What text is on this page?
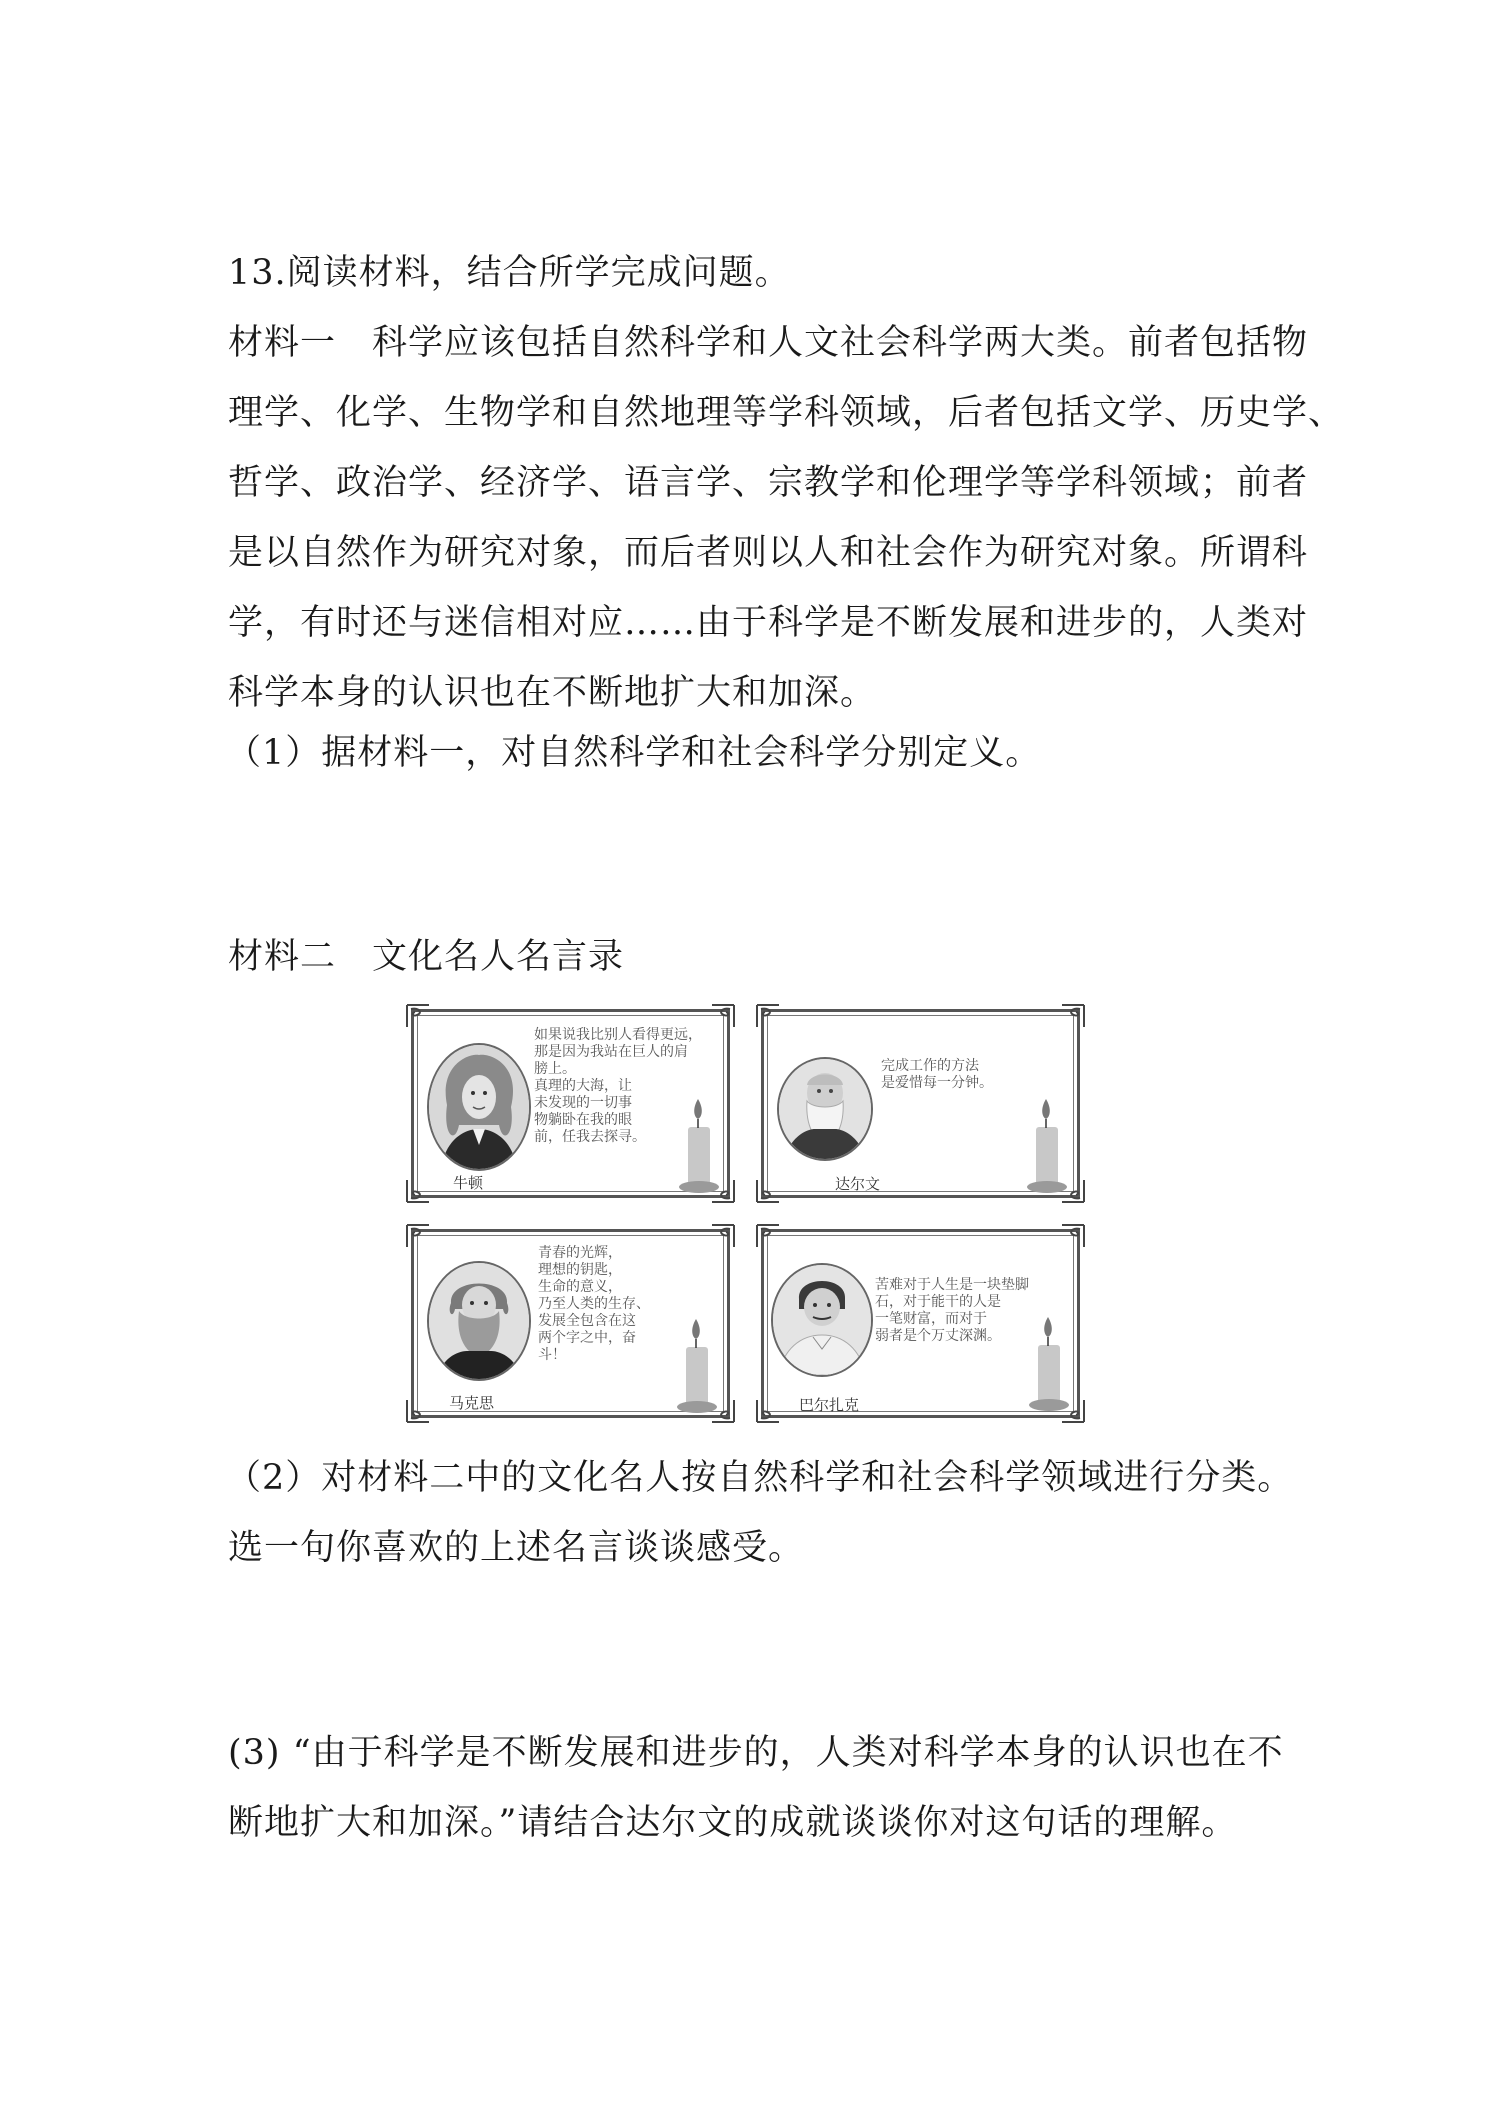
13.阅读材料，结合所学完成问题。
材料一　科学应该包括自然科学和人文社会科学两大类。前者包括物
理学、化学、生物学和自然地理等学科领域，后者包括文学、历史学、
哲学、政治学、经济学、语言学、宗教学和伦理学等学科领域；前者
是以自然作为研究对象，而后者则以人和社会作为研究对象。所谓科
学，有时还与迷信相对应……由于科学是不断发展和进步的，人类对
科学本身的认识也在不断地扩大和加深。
（1）据材料一，对自然科学和社会科学分别定义。
材料二　文化名人名言录
如果说我比别人看得更远，
那是因为我站在巨人的肩
膀上。
真理的大海，让
未发现的一切事
物躺卧在我的眼
前，任我去探寻。
牛顿
完成工作的方法
是爱惜每一分钟。
达尔文
青春的光辉，
理想的钥匙，
生命的意义，
乃至人类的生存、
发展全包含在这
两个字之中，奋
斗！
马克思
苦难对于人生是一块垫脚
石，对于能干的人是
一笔财富，而对于
弱者是个万丈深渊。
巴尔扎克
（2）对材料二中的文化名人按自然科学和社会科学领域进行分类。
选一句你喜欢的上述名言谈谈感受。
(3) “由于科学是不断发展和进步的，人类对科学本身的认识也在不
断地扩大和加深。”请结合达尔文的成就谈谈你对这句话的理解。
